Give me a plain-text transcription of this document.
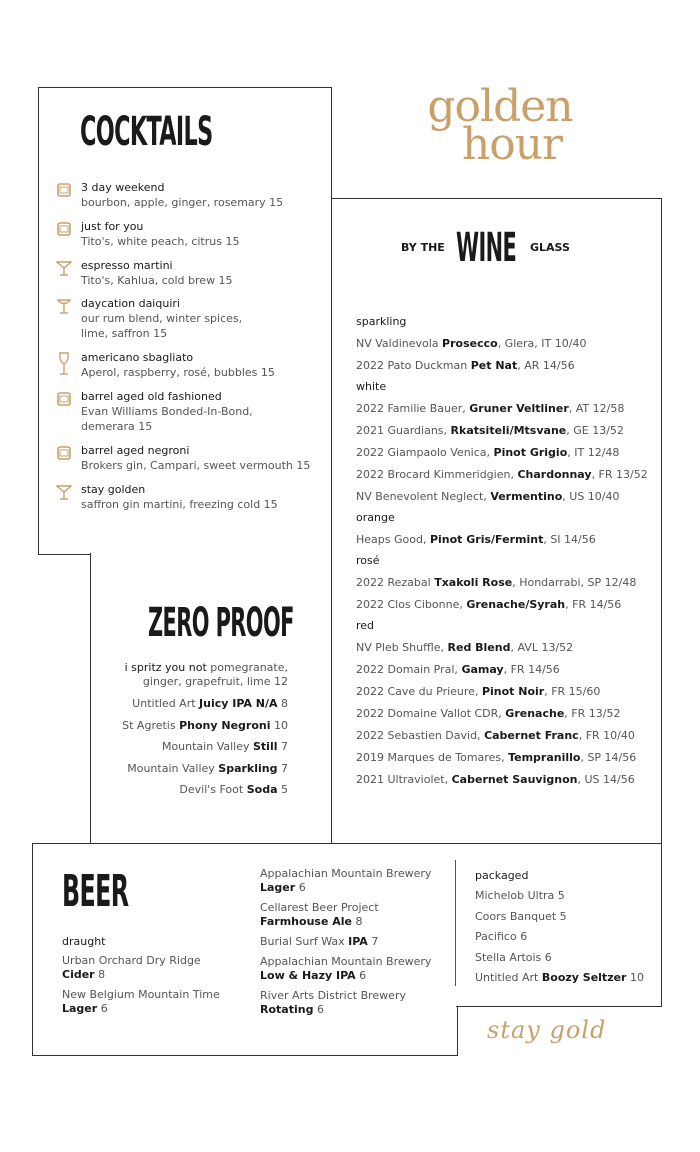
golden
hour
COCKTAILS
3 day weekend
bourbon, apple, ginger, rosemary 15
just for you
Tito's, white peach, citrus 15
espresso martini
Tito's, Kahlua, cold brew 15
daycation daiquiri
our rum blend, winter spices,
lime, saffron 15
americano sbagliato
Aperol, raspberry, rosé, bubbles 15
barrel aged old fashioned
Evan Williams Bonded-In-Bond,
demerara 15
barrel aged negroni
Brokers gin, Campari, sweet vermouth 15
stay golden
saffron gin martini, freezing cold 15
BY THE WINE GLASS
sparkling
NV Valdinevola Prosecco, Glera, IT 10/40
2022 Pato Duckman Pet Nat, AR 14/56
white
2022 Familie Bauer, Gruner Veltliner, AT 12/58
2021 Guardians, Rkatsiteli/Mtsvane, GE 13/52
2022 Giampaolo Venica, Pinot Grigio, IT 12/48
2022 Brocard Kimmeridgien, Chardonnay, FR 13/52
NV Benevolent Neglect, Vermentino, US 10/40
orange
Heaps Good, Pinot Gris/Fermint, SI 14/56
rosé
2022 Rezabal Txakoli Rose, Hondarrabi, SP 12/48
2022 Clos Cibonne, Grenache/Syrah, FR 14/56
red
NV Pleb Shuffle, Red Blend, AVL 13/52
2022 Domain Pral, Gamay, FR 14/56
2022 Cave du Prieure, Pinot Noir, FR 15/60
2022 Domaine Vallot CDR, Grenache, FR 13/52
2022 Sebastien David, Cabernet Franc, FR 10/40
2019 Marques de Tomares, Tempranillo, SP 14/56
2021 Ultraviolet, Cabernet Sauvignon, US 14/56
ZERO PROOF
i spritz you not pomegranate,
ginger, grapefruit, lime 12
Untitled Art Juicy IPA N/A 8
St Agretis Phony Negroni 10
Mountain Valley Still 7
Mountain Valley Sparkling 7
Devil's Foot Soda 5
BEER
draught
Urban Orchard Dry Ridge
Cider 8
New Belgium Mountain Time
Lager 6
Appalachian Mountain Brewery
Lager 6
Cellarest Beer Project
Farmhouse Ale 8
Burial Surf Wax IPA 7
Appalachian Mountain Brewery
Low & Hazy IPA 6
River Arts District Brewery
Rotating 6
packaged
Michelob Ultra 5
Coors Banquet 5
Pacifico 6
Stella Artois 6
Untitled Art Boozy Seltzer 10
stay gold
